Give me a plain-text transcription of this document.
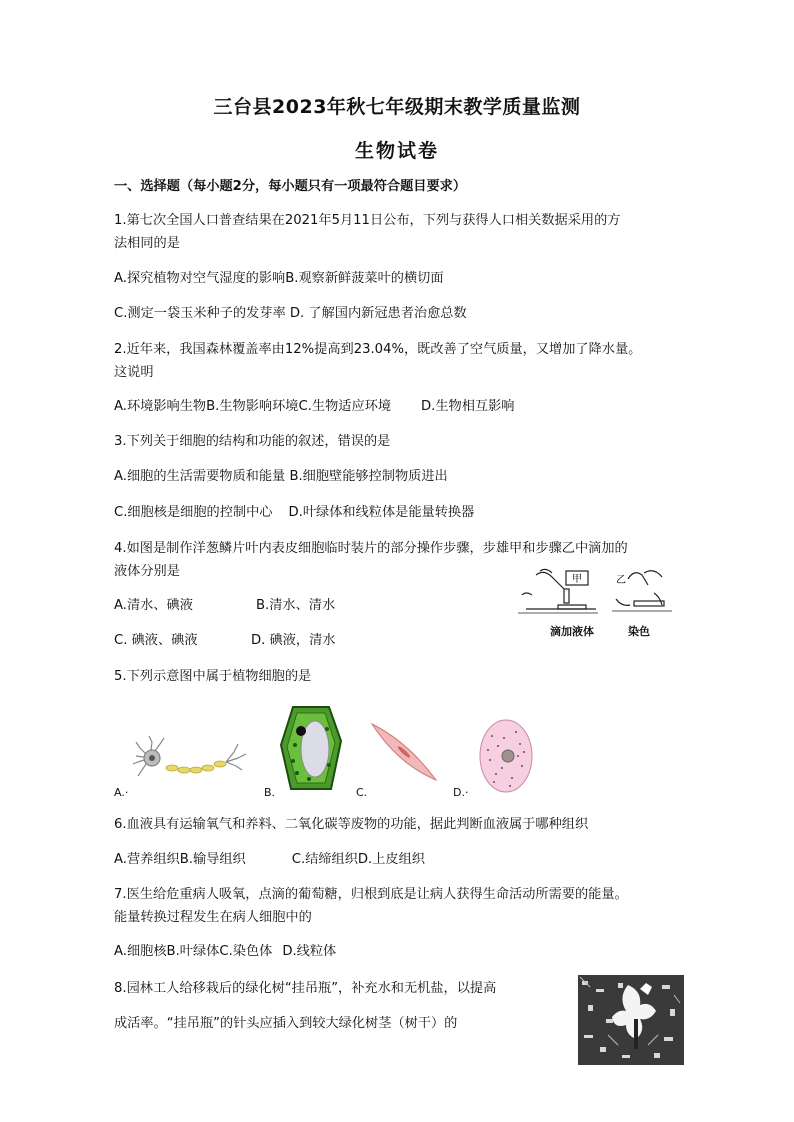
三台县2023年秋七年级期末教学质量监测
生物试卷
一、选择题（每小题2分，每小题只有一项最符合题目要求）
1.第七次全国人口普查结果在2021年5月11日公布，下列与获得人口相关数据采用的方
法相同的是
A.探究植物对空气湿度的影响B.观察新鲜菠菜叶的横切面
C.测定一袋玉米种子的发芽率 D. 了解国内新冠患者治愈总数
2.近年来，我国森林覆盖率由12%提高到23.04%，既改善了空气质量，又增加了降水量。
这说明
A.环境影响生物B.生物影响环境C.生物适应环境 D.生物相互影响
3.下列关于细胞的结构和功能的叙述，错误的是
A.细胞的生活需要物质和能量 B.细胞壁能够控制物质进出
C.细胞核是细胞的控制中心 D.叶绿体和线粒体是能量转换器
4.如图是制作洋葱鳞片叶内表皮细胞临时装片的部分操作步骤，步雄甲和步骤乙中滴加的
液体分别是
A.清水、碘液	B.清水、清水
C. 碘液、碘液	D. 碘液，清水
甲	乙
滴加液体	染色
5.下列示意图中属于植物细胞的是
A.·	B.	C.	D.·
6.血液具有运输氧气和养料、二氧化碳等废物的功能，据此判断血液属于哪种组织
A.营养组织B.输导组织	C.结缔组织D.上皮组织
7.医生给危重病人吸氧，点滴的葡萄糖，归根到底是让病人获得生命活动所需要的能量。
能量转换过程发生在病人细胞中的
A.细胞核B.叶绿体C.染色体 D.线粒体
8.园林工人给移栽后的绿化树“挂吊瓶”，补充水和无机盐，以提高
成活率。“挂吊瓶”的针头应插入到较大绿化树茎（树干）的
